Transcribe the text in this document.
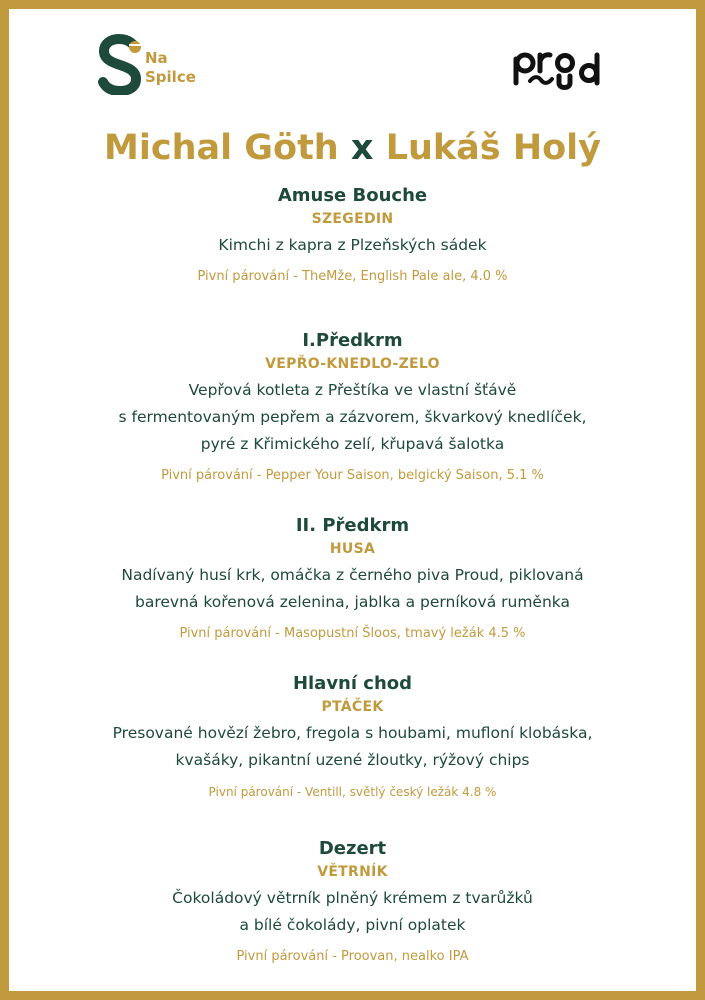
Na
Spilce
Michal Göth x Lukáš Holý
Amuse Bouche
SZEGEDIN
Kimchi z kapra z Plzeňských sádek
Pivní párování - TheMže, English Pale ale, 4.0 %
I.Předkrm
VEPŘO-KNEDLO-ZELO
Vepřová kotleta z Přeštíka ve vlastní šťávě
s fermentovaným pepřem a zázvorem, škvarkový knedlíček,
pyré z Křimického zelí, křupavá šalotka
Pivní párování - Pepper Your Saison, belgický Saison, 5.1 %
II. Předkrm
HUSA
Nadívaný husí krk, omáčka z černého piva Proud, piklovaná
barevná kořenová zelenina, jablka a perníková ruměnka
Pivní párování - Masopustní Šloos, tmavý ležák 4.5 %
Hlavní chod
PTÁČEK
Presované hovězí žebro, fregola s houbami, mufloní klobáska,
kvašáky, pikantní uzené žloutky, rýžový chips
Pivní párování - Ventill, světlý český ležák 4.8 %
Dezert
VĚTRNÍK
Čokoládový větrník plněný krémem z tvarůžků
a bílé čokolády, pivní oplatek
Pivní párování - Proovan, nealko IPA
